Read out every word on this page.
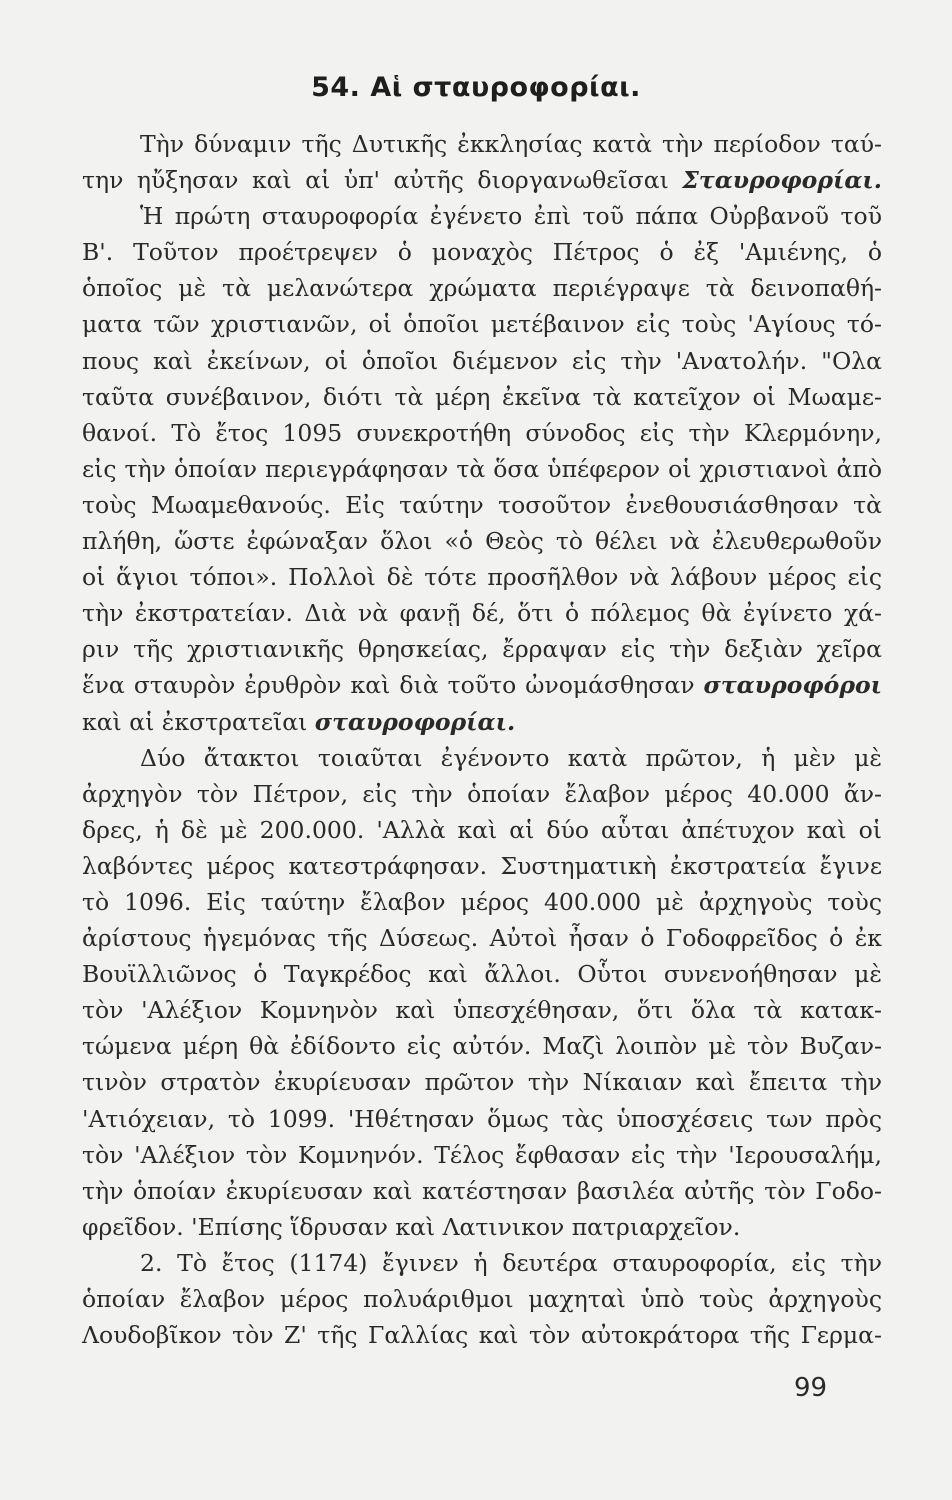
54. Αἱ σταυροφορίαι.
Τὴν δύναμιν τῆς Δυτικῆς ἐκκλησίας κατὰ τὴν περίοδον ταύ-
την ηὔξησαν καὶ αἱ ὑπ' αὐτῆς διοργανωθεῖσαι Σταυροφορίαι.
Ἡ πρώτη σταυροφορία ἐγένετο ἐπὶ τοῦ πάπα Οὐρβανοῦ τοῦ
Β'. Τοῦτον προέτρεψεν ὁ μοναχὸς Πέτρος ὁ ἐξ 'Αμιένης, ὁ
ὁποῖος μὲ τὰ μελανώτερα χρώματα περιέγραψε τὰ δεινοπαθή-
ματα τῶν χριστιανῶν, οἱ ὁποῖοι μετέβαινον εἰς τοὺς 'Αγίους τό-
πους καὶ ἐκείνων, οἱ ὁποῖοι διέμενον εἰς τὴν 'Ανατολήν. "Ολα
ταῦτα συνέβαινον, διότι τὰ μέρη ἐκεῖνα τὰ κατεῖχον οἱ Μωαμε-
θανοί. Τὸ ἔτος 1095 συνεκροτήθη σύνοδος εἰς τὴν Κλερμόνην,
εἰς τὴν ὁποίαν περιεγράφησαν τὰ ὅσα ὑπέφερον οἱ χριστιανοὶ ἀπὸ
τοὺς Μωαμεθανούς. Εἰς ταύτην τοσοῦτον ἐνεθουσιάσθησαν τὰ
πλήθη, ὥστε ἐφώναξαν ὅλοι «ὁ Θεὸς τὸ θέλει νὰ ἐλευθερωθοῦν
οἱ ἅγιοι τόποι». Πολλοὶ δὲ τότε προσῆλθον νὰ λάβουν μέρος εἰς
τὴν ἐκστρατείαν. Διὰ νὰ φανῇ δέ, ὅτι ὁ πόλεμος θὰ ἐγίνετο χά-
ριν τῆς χριστιανικῆς θρησκείας, ἔρραψαν εἰς τὴν δεξιὰν χεῖρα
ἕνα σταυρὸν ἐρυθρὸν καὶ διὰ τοῦτο ὠνομάσθησαν σταυροφόροι
καὶ αἱ ἐκστρατεῖαι σταυροφορίαι.
Δύο ἄτακτοι τοιαῦται ἐγένοντο κατὰ πρῶτον, ἡ μὲν μὲ
ἀρχηγὸν τὸν Πέτρον, εἰς τὴν ὁποίαν ἔλαβον μέρος 40.000 ἄν-
δρες, ἡ δὲ μὲ 200.000. 'Αλλὰ καὶ αἱ δύο αὗται ἀπέτυχον καὶ οἱ
λαβόντες μέρος κατεστράφησαν. Συστηματικὴ ἐκστρατεία ἔγινε
τὸ 1096. Εἰς ταύτην ἔλαβον μέρος 400.000 μὲ ἀρχηγοὺς τοὺς
ἀρίστους ἡγεμόνας τῆς Δύσεως. Αὐτοὶ ἦσαν ὁ Γοδοφρεῖδος ὁ ἐκ
Βουϊλλιῶνος ὁ Ταγκρέδος καὶ ἄλλοι. Οὗτοι συνενοήθησαν μὲ
τὸν 'Αλέξιον Κομνηνὸν καὶ ὑπεσχέθησαν, ὅτι ὅλα τὰ κατακ-
τώμενα μέρη θὰ ἐδίδοντο εἰς αὐτόν. Μαζὶ λοιπὸν μὲ τὸν Βυζαν-
τινὸν στρατὸν ἐκυρίευσαν πρῶτον τὴν Νίκαιαν καὶ ἔπειτα τὴν
'Ατιόχειαν, τὸ 1099. 'Ηθέτησαν ὅμως τὰς ὑποσχέσεις των πρὸς
τὸν 'Αλέξιον τὸν Κομνηνόν. Τέλος ἔφθασαν εἰς τὴν 'Ιερουσαλήμ,
τὴν ὁποίαν ἐκυρίευσαν καὶ κατέστησαν βασιλέα αὐτῆς τὸν Γοδο-
φρεῖδον. 'Επίσης ἵδρυσαν καὶ Λατινικον πατριαρχεῖον.
2. Τὸ ἔτος (1174) ἔγινεν ἡ δευτέρα σταυροφορία, εἰς τὴν
ὁποίαν ἔλαβον μέρος πολυάριθμοι μαχηταὶ ὑπὸ τοὺς ἀρχηγοὺς
Λουδοβῖκον τὸν Ζ' τῆς Γαλλίας καὶ τὸν αὐτοκράτορα τῆς Γερμα-
99
